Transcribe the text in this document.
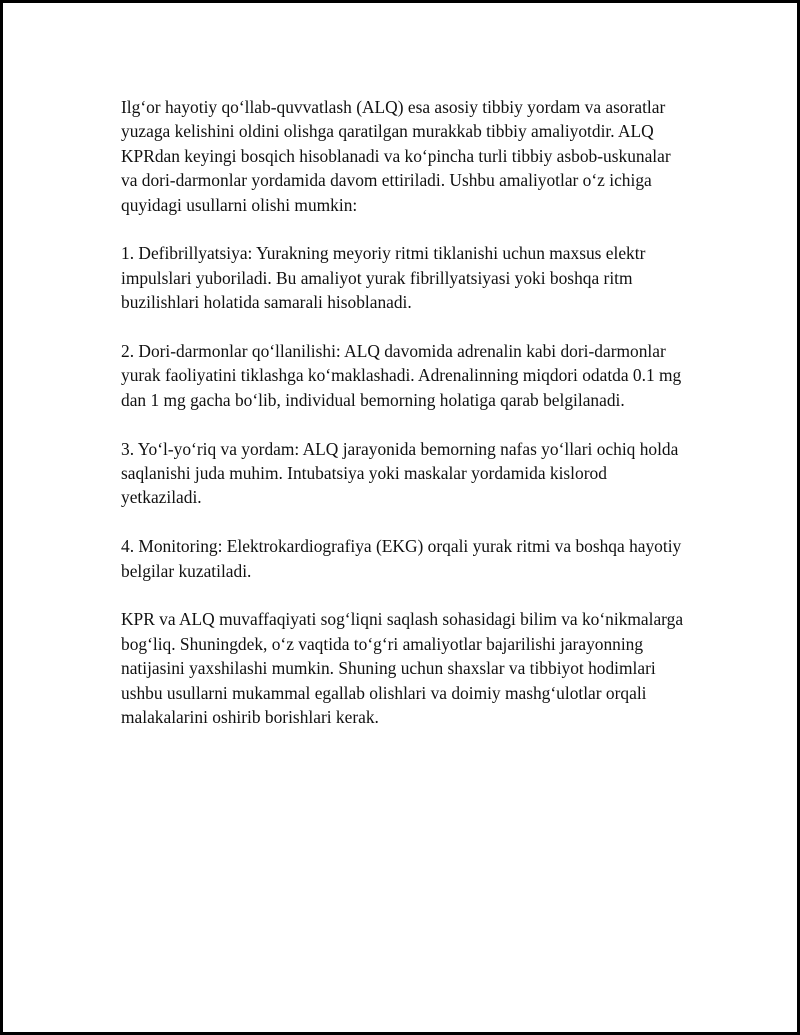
Ilg‘or hayotiy qo‘llab-quvvatlash (ALQ) esa asosiy tibbiy yordam va asoratlar yuzaga kelishini oldini olishga qaratilgan murakkab tibbiy amaliyotdir. ALQ KPRdan keyingi bosqich hisoblanadi va ko‘pincha turli tibbiy asbob-uskunalar va dori-darmonlar yordamida davom ettiriladi. Ushbu amaliyotlar o‘z ichiga quyidagi usullarni olishi mumkin:

1. Defibrillyatsiya: Yurakning meyoriy ritmi tiklanishi uchun maxsus elektr impulslari yuboriladi. Bu amaliyot yurak fibrillyatsiyasi yoki boshqa ritm buzilishlari holatida samarali hisoblanadi.

2. Dori-darmonlar qo‘llanilishi: ALQ davomida adrenalin kabi dori-darmonlar yurak faoliyatini tiklashga ko‘maklashadi. Adrenalinning miqdori odatda 0.1 mg dan 1 mg gacha bo‘lib, individual bemorning holatiga qarab belgilanadi.

3. Yo‘l-yo‘riq va yordam: ALQ jarayonida bemorning nafas yo‘llari ochiq holda saqlanishi juda muhim. Intubatsiya yoki maskalar yordamida kislorod yetkaziladi.

4. Monitoring: Elektrokardiografiya (EKG) orqali yurak ritmi va boshqa hayotiy belgilar kuzatiladi.

KPR va ALQ muvaffaqiyati sog‘liqni saqlash sohasidagi bilim va ko‘nikmalarga bog‘liq. Shuningdek, o‘z vaqtida to‘g‘ri amaliyotlar bajarilishi jarayonning natijasini yaxshilashi mumkin. Shuning uchun shaxslar va tibbiyot hodimlari ushbu usullarni mukammal egallab olishlari va doimiy mashg‘ulotlar orqali malakalarini oshirib borishlari kerak.
